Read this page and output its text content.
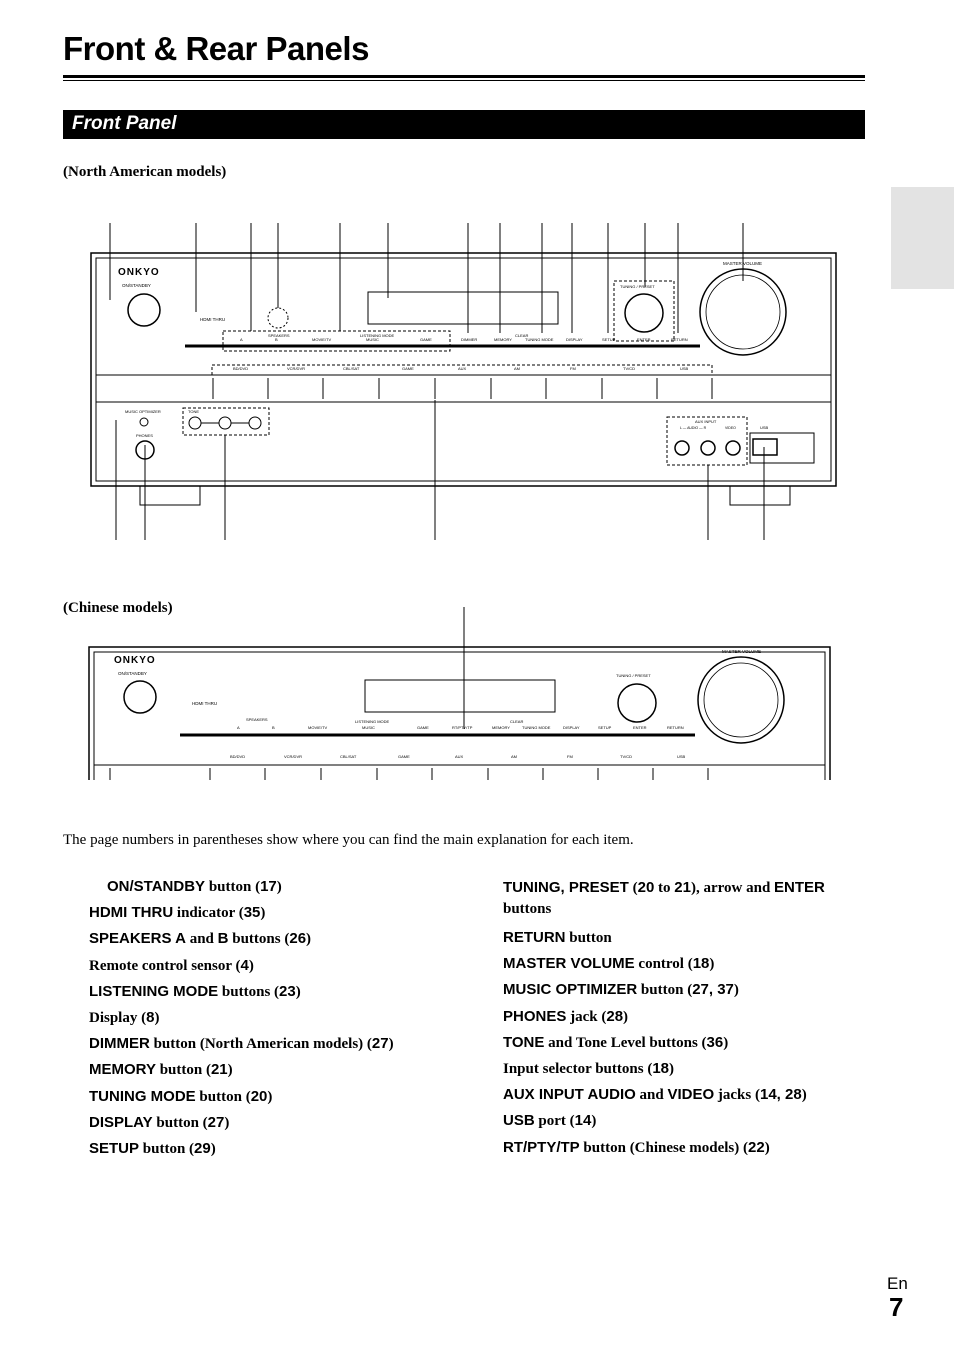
Front & Rear Panels
Front Panel
(North American models)
ONKYO
ON/STANDBY
HDMI THRU
MASTER VOLUME
TUNING / PRESET
SPEAKERS	LISTENING MODE	CLEAR
A	B	MOVIE/TV	MUSIC	GAME	DIMMER	MEMORY	TUNING MODE	DISPLAY	SETUP	ENTER	RETURN
BD/DVD	VCR/DVR	CBL/SAT	GAME	AUX	AM	FM	TV/CD	USB
MUSIC OPTIMIZER
PHONES
TONE
AUX INPUT
L — AUDIO — R	VIDEO	USB
(Chinese models)
ONKYO
ON/STANDBY
HDMI THRU
MASTER VOLUME
TUNING / PRESET
SPEAKERS	LISTENING MODE	CLEAR
A	B	MOVIE/TV	MUSIC	GAME	RT/PTY/TP	MEMORY	TUNING MODE	DISPLAY	SETUP	ENTER	RETURN
BD/DVD	VCR/DVR	CBL/SAT	GAME	AUX	AM	FM	TV/CD	USB
The page numbers in parentheses show where you can find the main explanation for each item.
ON/STANDBY button (17)
HDMI THRU indicator (35)
SPEAKERS A and B buttons (26)
Remote control sensor (4)
LISTENING MODE buttons (23)
Display (8)
DIMMER button (North American models) (27)
MEMORY button (21)
TUNING MODE button (20)
DISPLAY button (27)
SETUP button (29)
TUNING, PRESET (20 to 21), arrow and ENTER buttons
RETURN button
MASTER VOLUME control (18)
MUSIC OPTIMIZER button (27, 37)
PHONES jack (28)
TONE and Tone Level buttons (36)
Input selector buttons (18)
AUX INPUT AUDIO and VIDEO jacks (14, 28)
USB port (14)
RT/PTY/TP button (Chinese models) (22)
En
7
